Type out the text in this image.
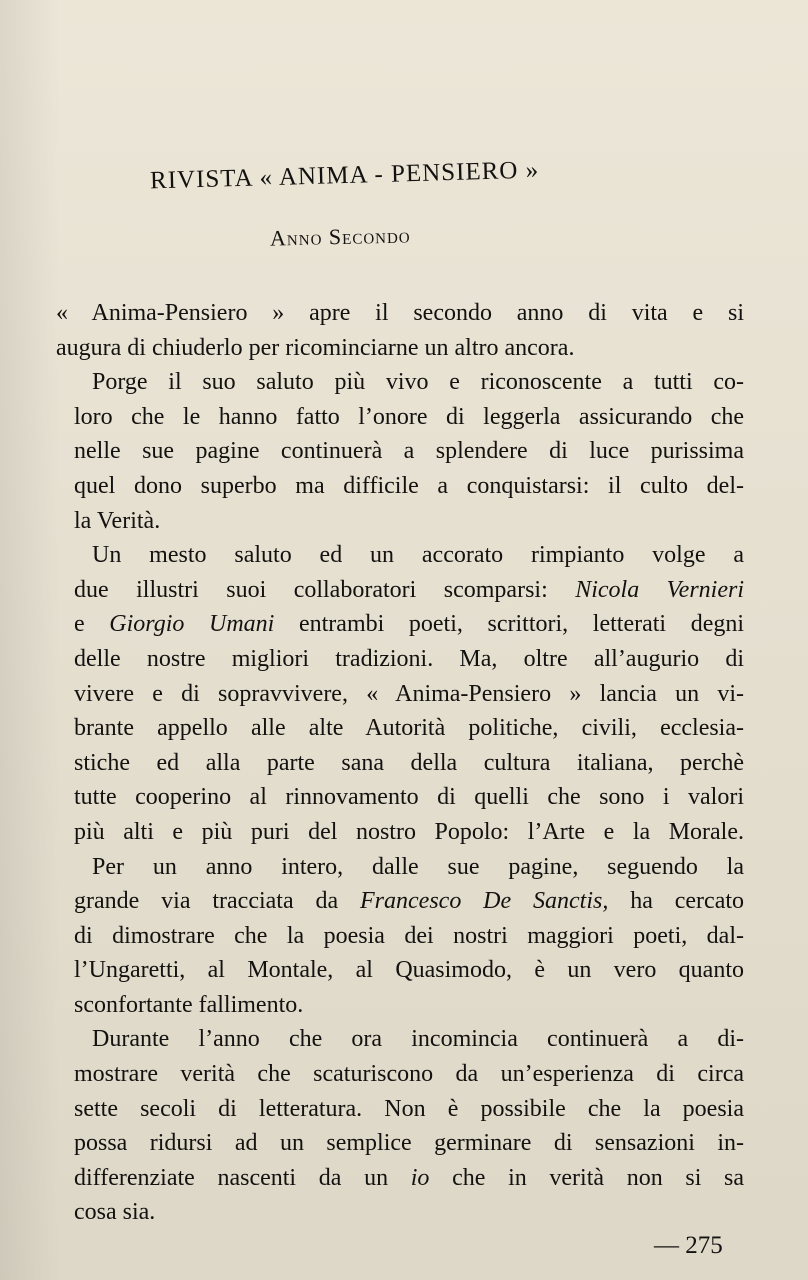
RIVISTA « ANIMA - PENSIERO »
Anno Secondo

« Anima-Pensiero » apre il secondo anno di vita e si
augura di chiuderlo per ricominciarne un altro ancora.

Porge il suo saluto più vivo e riconoscente a tutti co-
loro che le hanno fatto l’onore di leggerla assicurando che
nelle sue pagine continuerà a splendere di luce purissima
quel dono superbo ma difficile a conquistarsi: il culto del-
la Verità.

Un mesto saluto ed un accorato rimpianto volge a
due illustri suoi collaboratori scomparsi: Nicola Vernieri
e Giorgio Umani entrambi poeti, scrittori, letterati degni
delle nostre migliori tradizioni. Ma, oltre all’augurio di
vivere e di sopravvivere, « Anima-Pensiero » lancia un vi-
brante appello alle alte Autorità politiche, civili, ecclesia-
stiche ed alla parte sana della cultura italiana, perchè
tutte cooperino al rinnovamento di quelli che sono i valori
più alti e più puri del nostro Popolo: l’Arte e la Morale.

Per un anno intero, dalle sue pagine, seguendo la
grande via tracciata da Francesco De Sanctis, ha cercato
di dimostrare che la poesia dei nostri maggiori poeti, dal-
l’Ungaretti, al Montale, al Quasimodo, è un vero quanto
sconfortante fallimento.

Durante l’anno che ora incomincia continuerà a di-
mostrare verità che scaturiscono da un’esperienza di circa
sette secoli di letteratura. Non è possibile che la poesia
possa ridursi ad un semplice germinare di sensazioni in-
differenziate nascenti da un io che in verità non si sa
cosa sia.

— 275
